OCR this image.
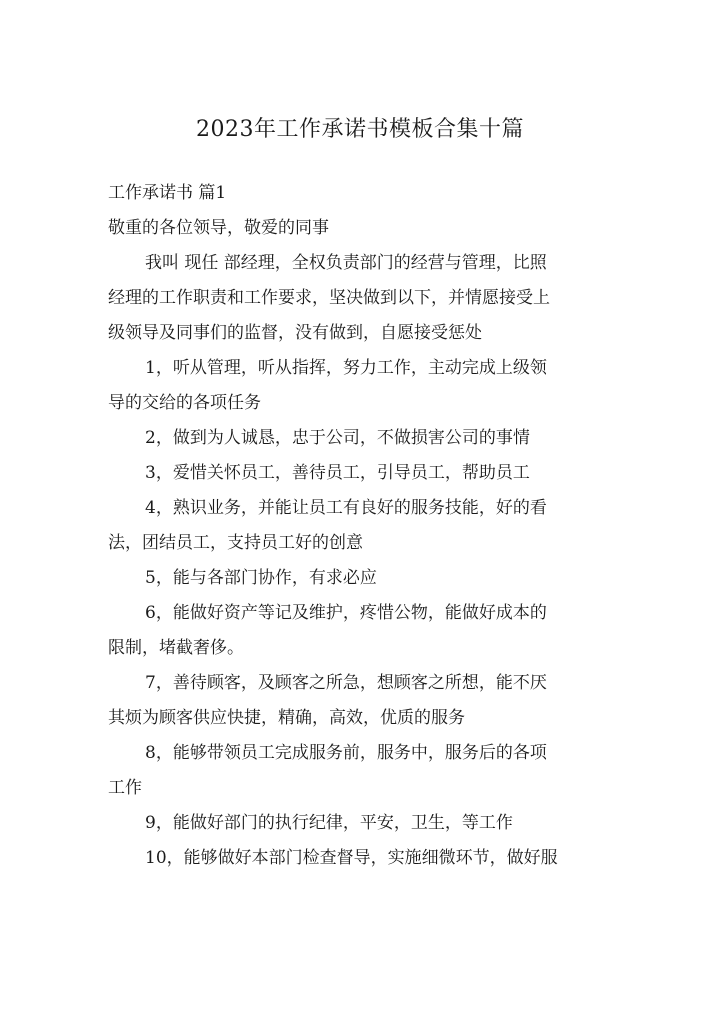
2023年工作承诺书模板合集十篇
工作承诺书 篇1
敬重的各位领导，敬爱的同事
我叫 现任 部经理，全权负责部门的经营与管理，比照
经理的工作职责和工作要求，坚决做到以下，并情愿接受上
级领导及同事们的监督，没有做到，自愿接受惩处
1，听从管理，听从指挥，努力工作，主动完成上级领
导的交给的各项任务
2，做到为人诚恳，忠于公司，不做损害公司的事情
3，爱惜关怀员工，善待员工，引导员工，帮助员工
4，熟识业务，并能让员工有良好的服务技能，好的看
法，团结员工，支持员工好的创意
5，能与各部门协作，有求必应
6，能做好资产等记及维护，疼惜公物，能做好成本的
限制，堵截奢侈。
7，善待顾客，及顾客之所急，想顾客之所想，能不厌
其烦为顾客供应快捷，精确，高效，优质的服务
8，能够带领员工完成服务前，服务中，服务后的各项
工作
9，能做好部门的执行纪律，平安，卫生，等工作
10，能够做好本部门检查督导，实施细微环节，做好服
